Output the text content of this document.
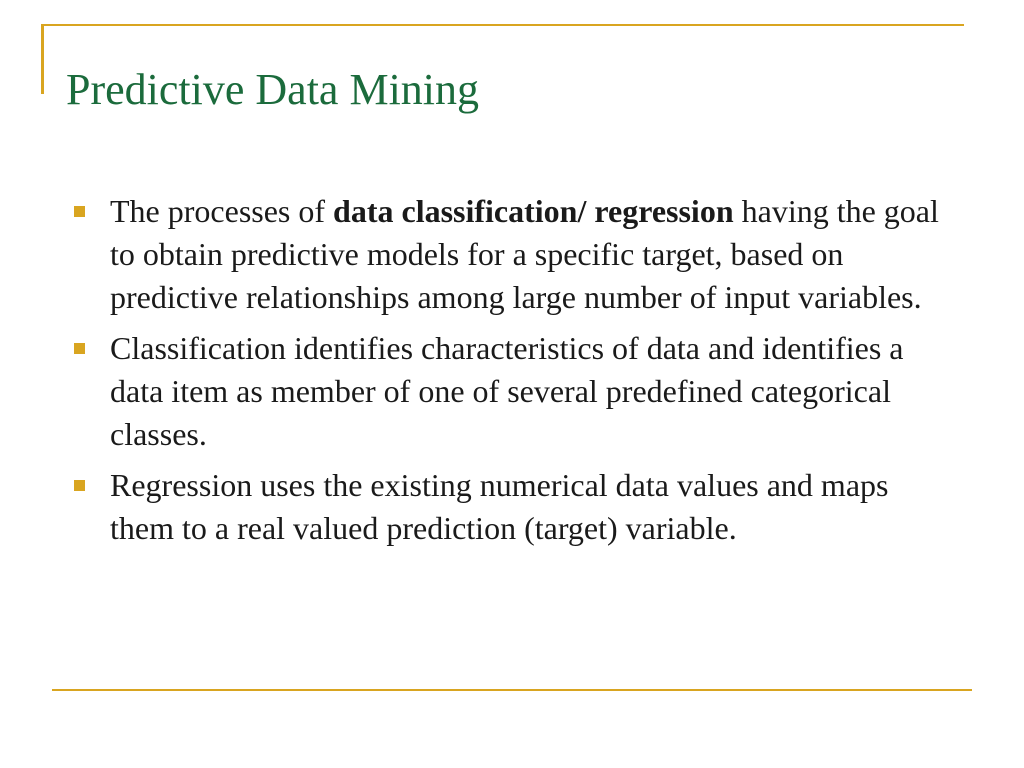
Predictive Data Mining
The processes of data classification/ regression having the goal to obtain predictive models for a specific target, based on predictive relationships among large number of input variables.
Classification identifies characteristics of data and identifies a data item as member of one of several predefined categorical classes.
Regression uses the existing numerical data values and maps them to a real valued prediction (target) variable.
